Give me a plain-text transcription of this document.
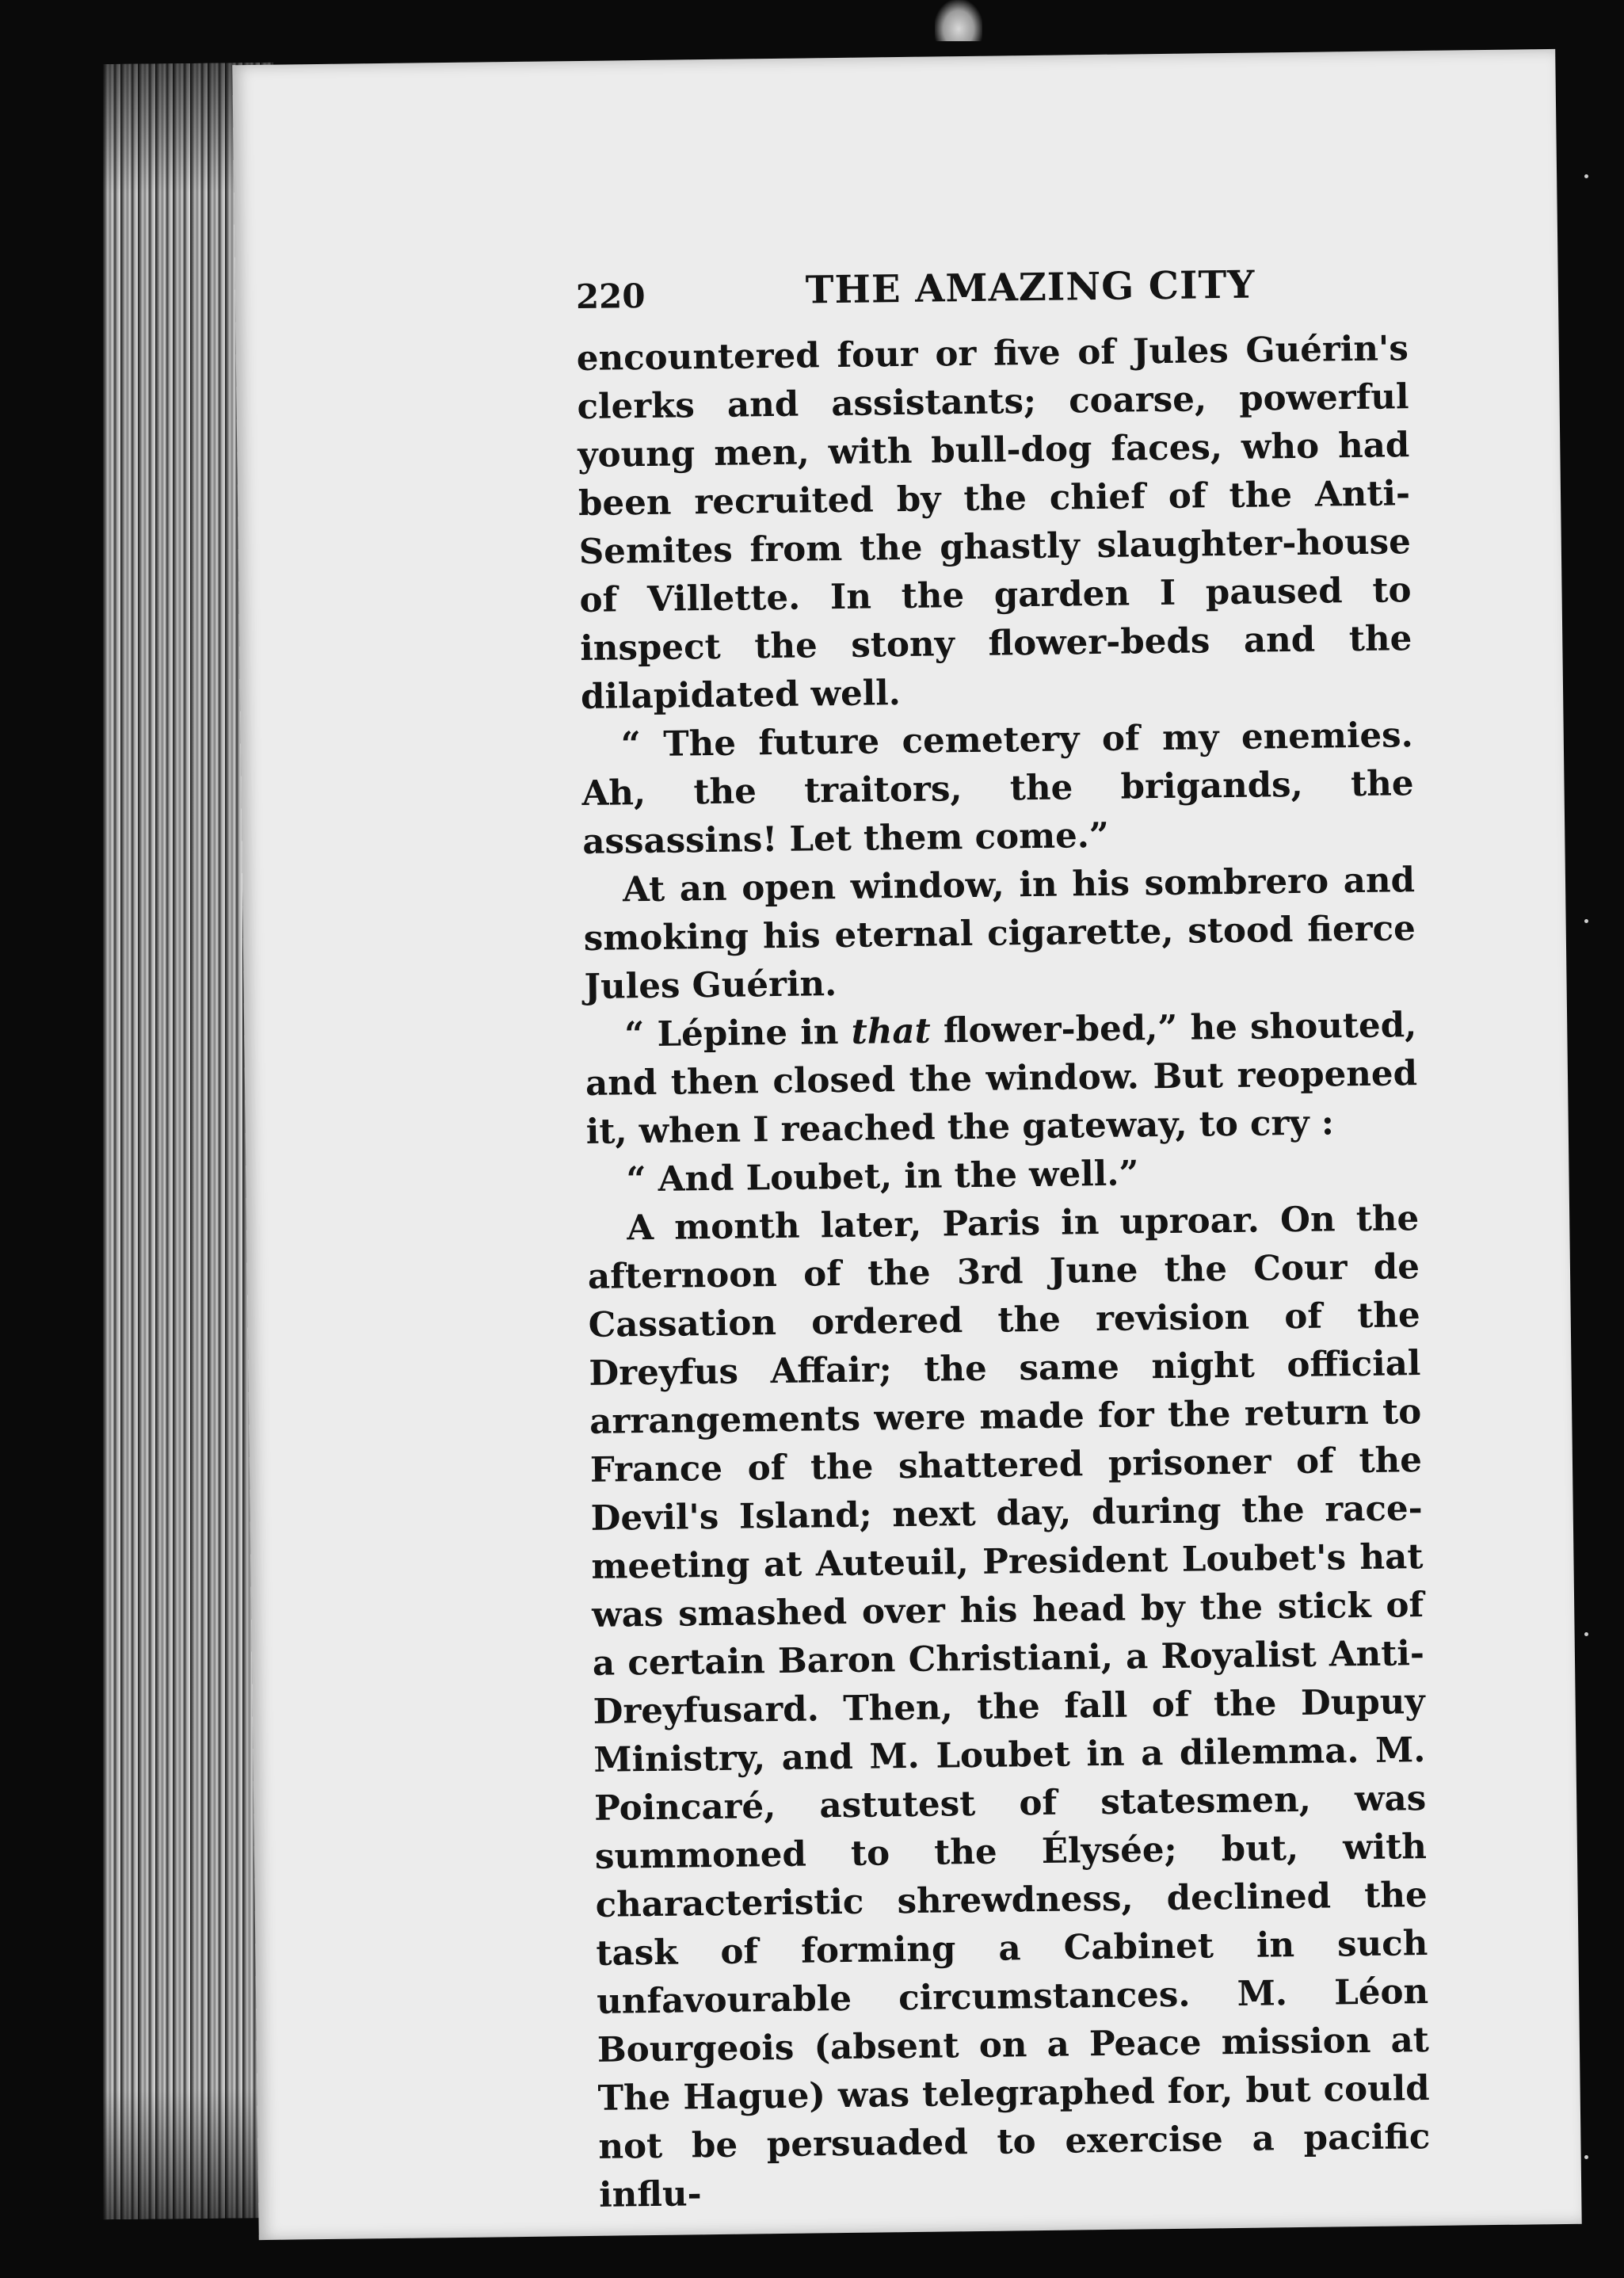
220	THE AMAZING CITY

encountered four or five of Jules Guérin's clerks and assistants; coarse, powerful young men, with bull-dog faces, who had been recruited by the chief of the Anti-Semites from the ghastly slaughter-house of Villette. In the garden I paused to inspect the stony flower-beds and the dilapidated well.

“ The future cemetery of my enemies. Ah, the traitors, the brigands, the assassins! Let them come.”

At an open window, in his sombrero and smoking his eternal cigarette, stood fierce Jules Guérin.

“ Lépine in that flower-bed,” he shouted, and then closed the window. But reopened it, when I reached the gateway, to cry :

“ And Loubet, in the well.”

A month later, Paris in uproar. On the afternoon of the 3rd June the Cour de Cassation ordered the revision of the Dreyfus Affair; the same night official arrangements were made for the return to France of the shattered prisoner of the Devil's Island; next day, during the race-meeting at Auteuil, President Loubet's hat was smashed over his head by the stick of a certain Baron Christiani, a Royalist Anti-Dreyfusard. Then, the fall of the Dupuy Ministry, and M. Loubet in a dilemma. M. Poincaré, astutest of statesmen, was summoned to the Élysée; but, with characteristic shrewdness, declined the task of forming a Cabinet in such unfavourable circumstances. M. Léon Bourgeois (absent on a Peace mission at The Hague) was telegraphed for, but could not be persuaded to exercise a pacific influ-
